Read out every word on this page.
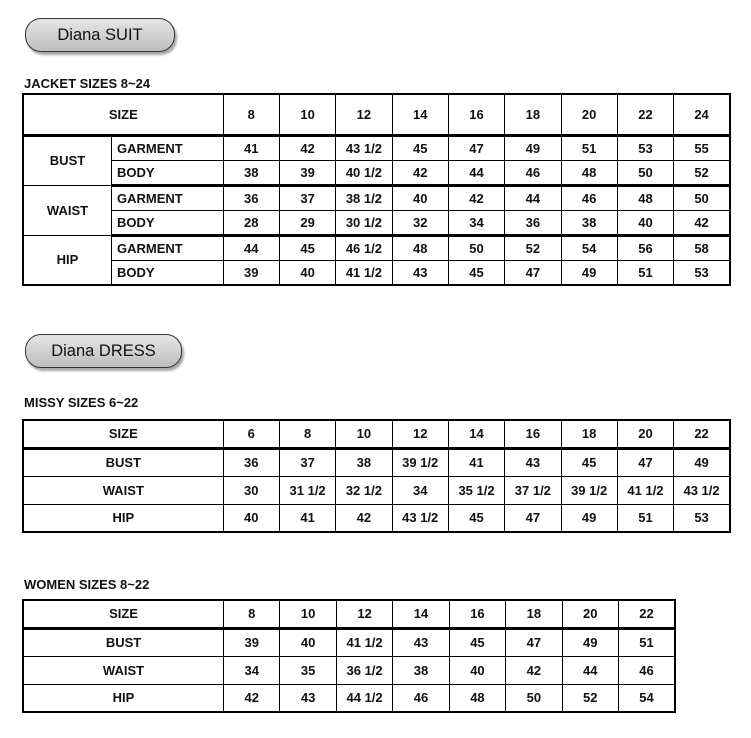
Diana SUIT
JACKET SIZES 8~24
SIZE		8	10	12	14	16	18	20	22	24
BUST	GARMENT	41	42	43 1/2	45	47	49	51	53	55
	BODY	38	39	40 1/2	42	44	46	48	50	52
WAIST	GARMENT	36	37	38 1/2	40	42	44	46	48	50
	BODY	28	29	30 1/2	32	34	36	38	40	42
HIP	GARMENT	44	45	46 1/2	48	50	52	54	56	58
	BODY	39	40	41 1/2	43	45	47	49	51	53
Diana DRESS
MISSY SIZES 6~22
SIZE	6	8	10	12	14	16	18	20	22
BUST	36	37	38	39 1/2	41	43	45	47	49
WAIST	30	31 1/2	32 1/2	34	35 1/2	37 1/2	39 1/2	41 1/2	43 1/2
HIP	40	41	42	43 1/2	45	47	49	51	53
WOMEN SIZES 8~22
SIZE	8	10	12	14	16	18	20	22
BUST	39	40	41 1/2	43	45	47	49	51
WAIST	34	35	36 1/2	38	40	42	44	46
HIP	42	43	44 1/2	46	48	50	52	54
